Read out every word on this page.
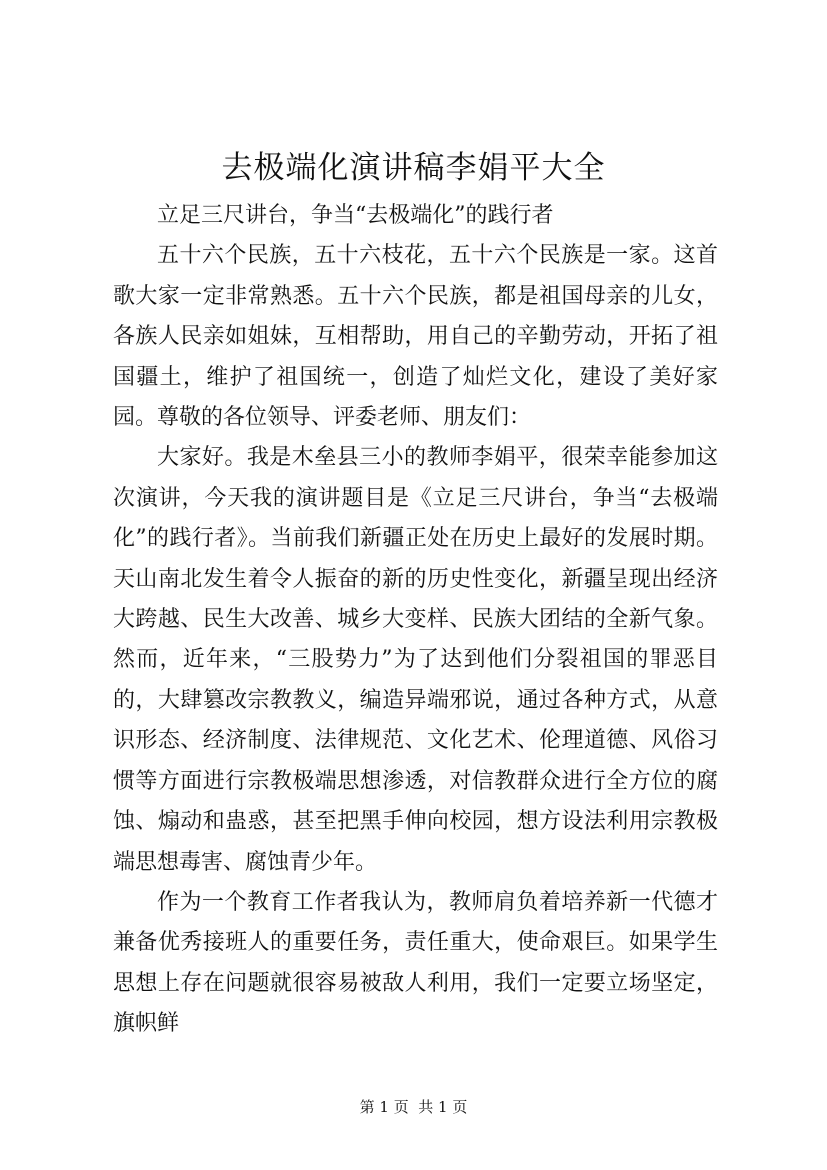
去极端化演讲稿李娟平大全

立足三尺讲台，争当“去极端化”的践行者

五十六个民族，五十六枝花，五十六个民族是一家。这首歌大家一定非常熟悉。五十六个民族，都是祖国母亲的儿女，各族人民亲如姐妹，互相帮助，用自己的辛勤劳动，开拓了祖国疆土，维护了祖国统一，创造了灿烂文化，建设了美好家园。尊敬的各位领导、评委老师、朋友们：

大家好。我是木垒县三小的教师李娟平，很荣幸能参加这次演讲，今天我的演讲题目是《立足三尺讲台，争当“去极端化”的践行者》。当前我们新疆正处在历史上最好的发展时期。天山南北发生着令人振奋的新的历史性变化，新疆呈现出经济大跨越、民生大改善、城乡大变样、民族大团结的全新气象。然而，近年来，“三股势力”为了达到他们分裂祖国的罪恶目的，大肆篡改宗教教义，编造异端邪说，通过各种方式，从意识形态、经济制度、法律规范、文化艺术、伦理道德、风俗习惯等方面进行宗教极端思想渗透，对信教群众进行全方位的腐蚀、煽动和蛊惑，甚至把黑手伸向校园，想方设法利用宗教极端思想毒害、腐蚀青少年。

作为一个教育工作者我认为，教师肩负着培养新一代德才兼备优秀接班人的重要任务，责任重大，使命艰巨。如果学生思想上存在问题就很容易被敌人利用，我们一定要立场坚定，旗帜鲜

第 1 页  共 1 页
